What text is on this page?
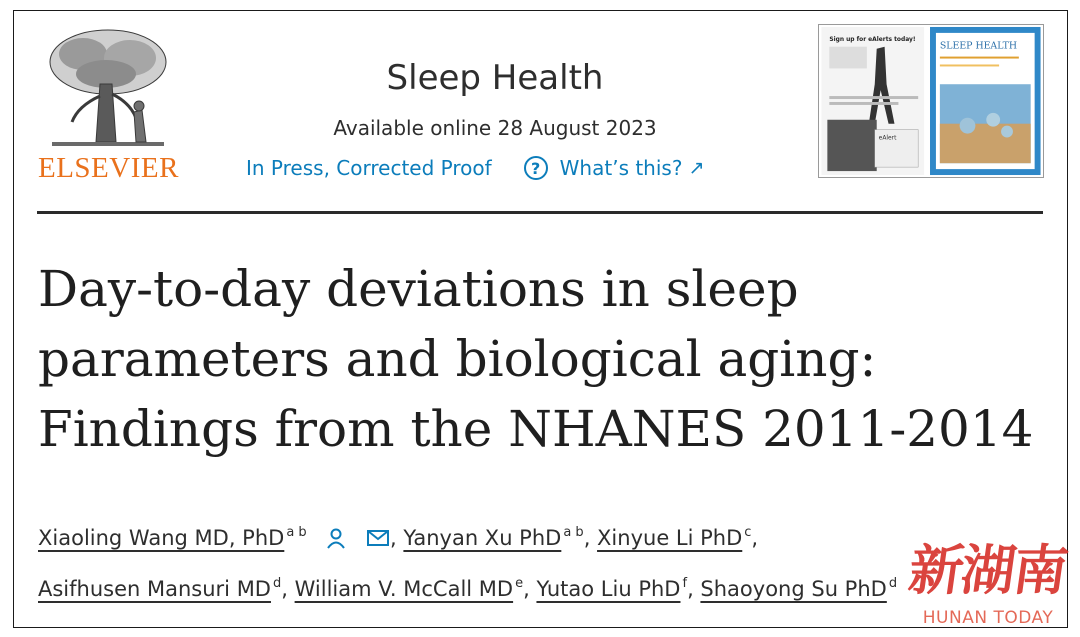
ELSEVIER
Sleep Health
Available online 28 August 2023
In Press, Corrected Proof	? What’s this? ↗
Sign up for eAlerts today!
eAlert
SLEEP HEALTH
Day-to-day deviations in sleep
parameters and biological aging:
Findings from the NHANES 2011-2014
Xiaoling Wang MD, PhD $^{a b}$	, Yanyan Xu PhD $^{a b}$, Xinyue Li PhD $^c$,
Asifhusen Mansuri MD $^d$, William V. McCall MD $^e$, Yutao Liu PhD $^f$, Shaoyong Su PhD $^d$ 新湖南
HUNAN TODAY
